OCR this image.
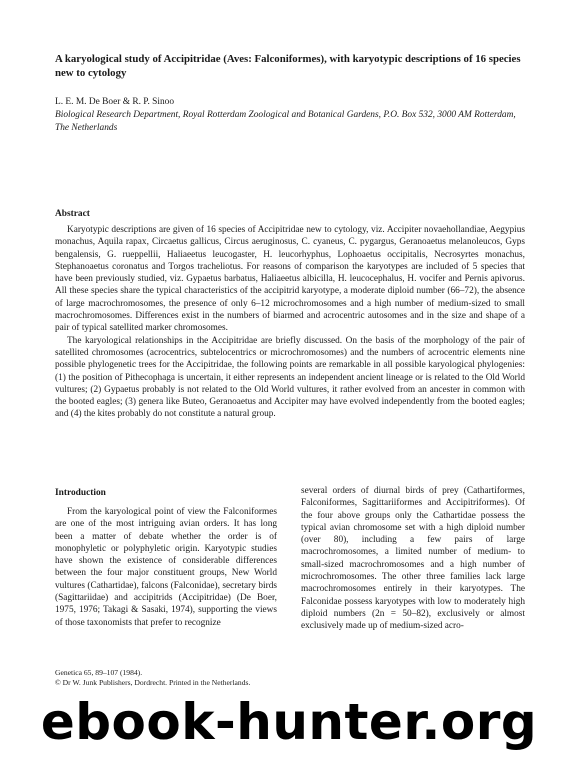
A karyological study of Accipitridae (Aves: Falconiformes), with karyotypic descriptions of 16 species new to cytology
L. E. M. De Boer & R. P. Sinoo
Biological Research Department, Royal Rotterdam Zoological and Botanical Gardens, P.O. Box 532, 3000 AM Rotterdam, The Netherlands
Abstract

Karyotypic descriptions are given of 16 species of Accipitridae new to cytology, viz. Accipiter novaehollandiae, Aegypius monachus, Aquila rapax, Circaetus gallicus, Circus aeruginosus, C. cyaneus, C. pygargus, Geranoaetus melanoleucos, Gyps bengalensis, G. rueppellii, Haliaeetus leucogaster, H. leucorhyphus, Lophoaetus occipitalis, Necrosyrtes monachus, Stephanoaetus coronatus and Torgos tracheliotus. For reasons of comparison the karyotypes are included of 5 species that have been previously studied, viz. Gypaetus barbatus, Haliaeetus albicilla, H. leucocephalus, H. vocifer and Pernis apivorus. All these species share the typical characteristics of the accipitrid karyotype, a moderate diploid number (66–72), the absence of large macrochromosomes, the presence of only 6–12 microchromosomes and a high number of medium-sized to small macrochromosomes. Differences exist in the numbers of biarmed and acrocentric autosomes and in the size and shape of a pair of typical satellited marker chromosomes.

The karyological relationships in the Accipitridae are briefly discussed. On the basis of the morphology of the pair of satellited chromosomes (acrocentrics, subtelocentrics or microchromosomes) and the numbers of acrocentric elements nine possible phylogenetic trees for the Accipitridae, the following points are remarkable in all possible karyological phylogenies: (1) the position of Pithecophaga is uncertain, it either represents an independent ancient lineage or is related to the Old World vultures; (2) Gypaetus probably is not related to the Old World vultures, it rather evolved from an ancester in common with the booted eagles; (3) genera like Buteo, Geranoaetus and Accipiter may have evolved independently from the booted eagles; and (4) the kites probably do not constitute a natural group.

Introduction

From the karyological point of view the Falconiformes are one of the most intriguing avian orders. It has long been a matter of debate whether the order is of monophyletic or polyphyletic origin. Karyotypic studies have shown the existence of considerable differences between the four major constituent groups, New World vultures (Cathartidae), falcons (Falconidae), secretary birds (Sagittariidae) and accipitrids (Accipitridae) (De Boer, 1975, 1976; Takagi & Sasaki, 1974), supporting the views of those taxonomists that prefer to recognize

several orders of diurnal birds of prey (Cathartiformes, Falconiformes, Sagittariiformes and Accipitriformes). Of the four above groups only the Cathartidae possess the typical avian chromosome set with a high diploid number (over 80), including a few pairs of large macrochromosomes, a limited number of medium- to small-sized macrochromosomes and a high number of microchromosomes. The other three families lack large macrochromosomes entirely in their karyotypes. The Falconidae possess karyotypes with low to moderately high diploid numbers (2n = 50–82), exclusively or almost exclusively made up of medium-sized acro-

Genetica 65, 89–107 (1984).
© Dr W. Junk Publishers, Dordrecht. Printed in the Netherlands.
ebook-hunter.org
